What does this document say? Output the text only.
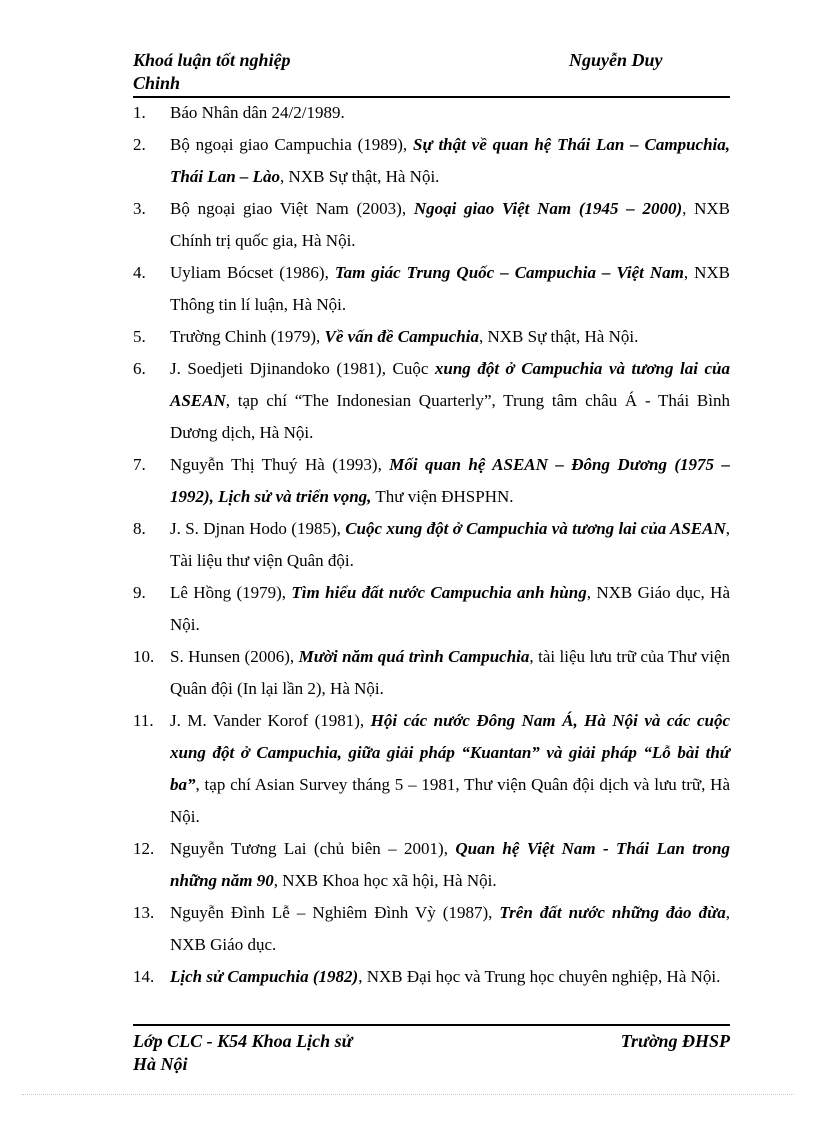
Khoá luận tốt nghiệp
Chinh
Nguyễn Duy
1. Báo Nhân dân 24/2/1989.
2. Bộ ngoại giao Campuchia (1989), Sự thật về quan hệ Thái Lan – Campuchia, Thái Lan – Lào, NXB Sự thật, Hà Nội.
3. Bộ ngoại giao Việt Nam (2003), Ngoại giao Việt Nam (1945 – 2000), NXB Chính trị quốc gia, Hà Nội.
4. Uyliam Bócset (1986), Tam giác Trung Quốc – Campuchia – Việt Nam, NXB Thông tin lí luận, Hà Nội.
5. Trường Chinh (1979), Về vấn đề Campuchia, NXB Sự thật, Hà Nội.
6. J. Soedjeti Djinandoko (1981), Cuộc xung đột ở Campuchia và tương lai của ASEAN, tạp chí “The Indonesian Quarterly”, Trung tâm châu Á - Thái Bình Dương dịch, Hà Nội.
7. Nguyễn Thị Thuý Hà (1993), Mối quan hệ ASEAN – Đông Dương (1975 – 1992), Lịch sử và triển vọng, Thư viện ĐHSPHN.
8. J. S. Djnan Hodo (1985), Cuộc xung đột ở Campuchia và tương lai của ASEAN, Tài liệu thư viện Quân đội.
9. Lê Hồng (1979), Tìm hiểu đất nước Campuchia anh hùng, NXB Giáo dục, Hà Nội.
10. S. Hunsen (2006), Mười năm quá trình Campuchia, tài liệu lưu trữ của Thư viện Quân đội (In lại lần 2), Hà Nội.
11. J. M. Vander Korof (1981), Hội các nước Đông Nam Á, Hà Nội và các cuộc xung đột ở Campuchia, giữa giải pháp “Kuantan” và giải pháp “Lỗ bài thứ ba”, tạp chí Asian Survey tháng 5 – 1981, Thư viện Quân đội dịch và lưu trữ, Hà Nội.
12. Nguyễn Tương Lai (chủ biên – 2001), Quan hệ Việt Nam - Thái Lan trong những năm 90, NXB Khoa học xã hội, Hà Nội.
13. Nguyễn Đình Lễ – Nghiêm Đình Vỳ (1987), Trên đất nước những đảo đừa, NXB Giáo dục.
14. Lịch sử Campuchia (1982), NXB Đại học và Trung học chuyên nghiệp, Hà Nội.
Lớp CLC - K54 Khoa Lịch sử
Hà Nội
Trường ĐHSP
